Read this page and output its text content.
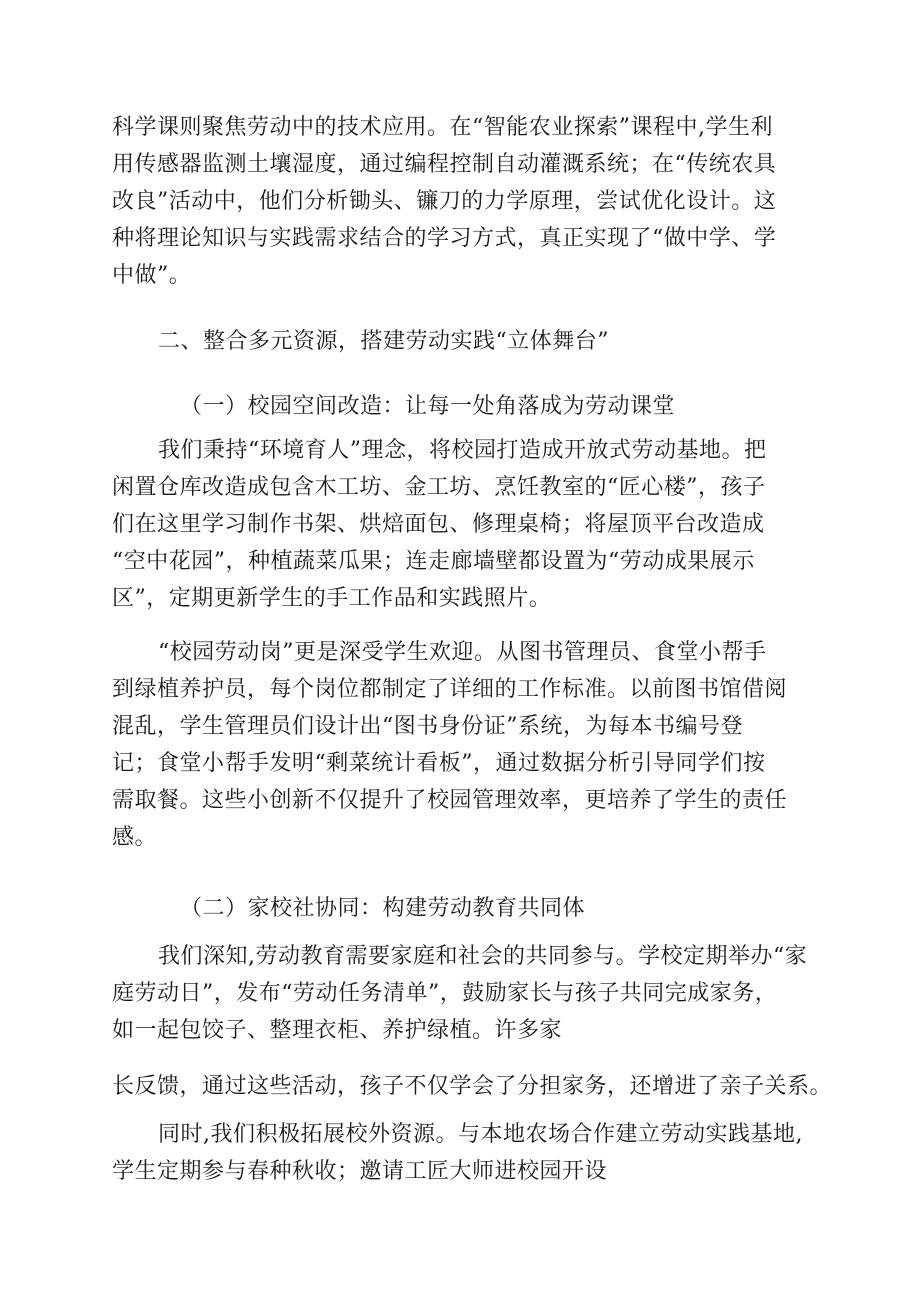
科学课则聚焦劳动中的技术应用。在“智能农业探索”课程中,学生利
用传感器监测土壤湿度，通过编程控制自动灌溉系统；在“传统农具
改良”活动中，他们分析锄头、镰刀的力学原理，尝试优化设计。这
种将理论知识与实践需求结合的学习方式，真正实现了“做中学、学
中做”。
二、整合多元资源，搭建劳动实践“立体舞台”
（一）校园空间改造：让每一处角落成为劳动课堂
我们秉持“环境育人”理念，将校园打造成开放式劳动基地。把
闲置仓库改造成包含木工坊、金工坊、烹饪教室的“匠心楼”，孩子
们在这里学习制作书架、烘焙面包、修理桌椅；将屋顶平台改造成
“空中花园”，种植蔬菜瓜果；连走廊墙壁都设置为“劳动成果展示
区”，定期更新学生的手工作品和实践照片。
“校园劳动岗”更是深受学生欢迎。从图书管理员、食堂小帮手
到绿植养护员，每个岗位都制定了详细的工作标准。以前图书馆借阅
混乱，学生管理员们设计出“图书身份证”系统，为每本书编号登
记；食堂小帮手发明“剩菜统计看板”，通过数据分析引导同学们按
需取餐。这些小创新不仅提升了校园管理效率，更培养了学生的责任
感。
（二）家校社协同：构建劳动教育共同体
我们深知,劳动教育需要家庭和社会的共同参与。学校定期举办“家
庭劳动日”，发布“劳动任务清单”，鼓励家长与孩子共同完成家务，
如一起包饺子、整理衣柜、养护绿植。许多家
长反馈，通过这些活动，孩子不仅学会了分担家务，还增进了亲子关系。
同时,我们积极拓展校外资源。与本地农场合作建立劳动实践基地,
学生定期参与春种秋收；邀请工匠大师进校园开设
